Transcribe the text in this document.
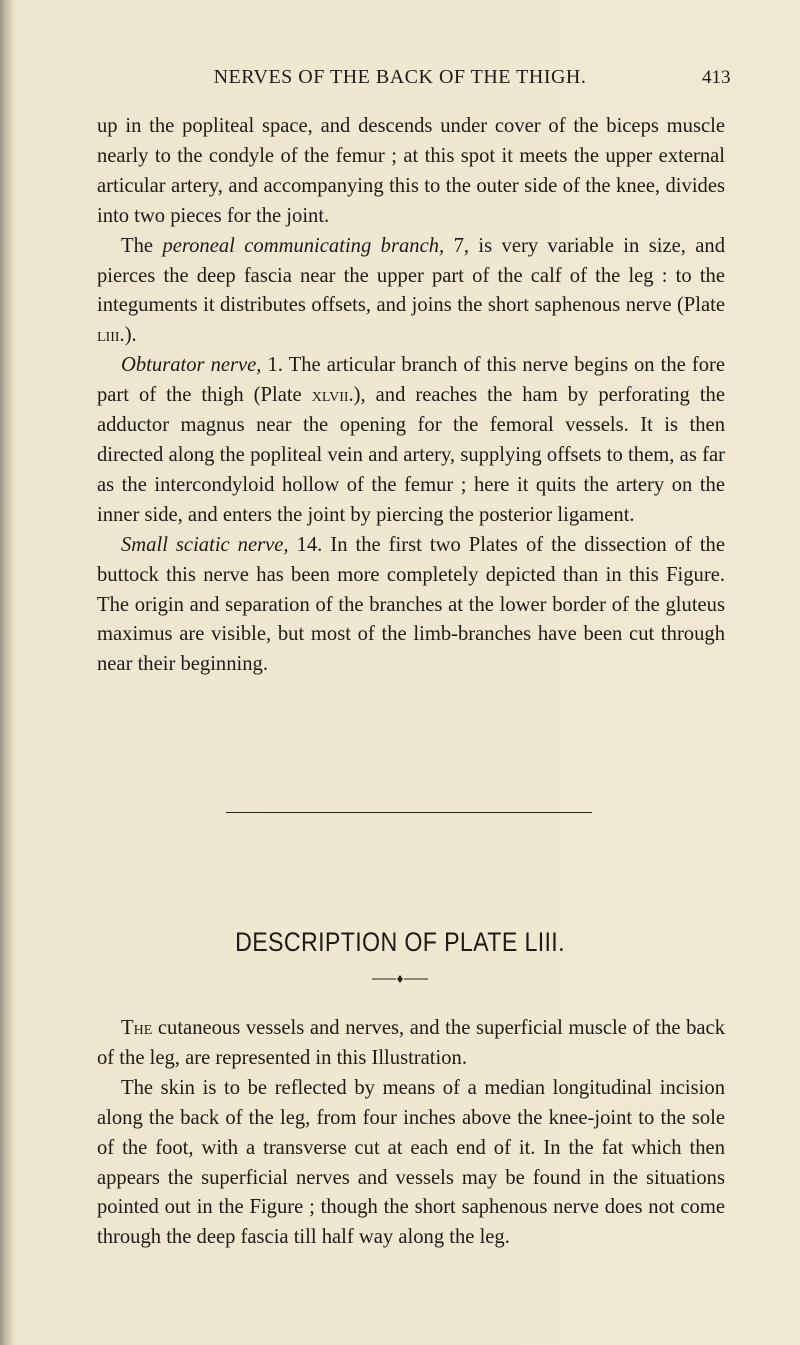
NERVES OF THE BACK OF THE THIGH.	413

up in the popliteal space, and descends under cover of the biceps muscle nearly to the condyle of the femur ; at this spot it meets the upper external articular artery, and accompanying this to the outer side of the knee, divides into two pieces for the joint.

The peroneal communicating branch, 7, is very variable in size, and pierces the deep fascia near the upper part of the calf of the leg : to the integuments it distributes offsets, and joins the short saphenous nerve (Plate liii.).

Obturator nerve, 1. The articular branch of this nerve begins on the fore part of the thigh (Plate xlvii.), and reaches the ham by perforating the adductor magnus near the opening for the femoral vessels. It is then directed along the popliteal vein and artery, supplying offsets to them, as far as the intercondyloid hollow of the femur ; here it quits the artery on the inner side, and enters the joint by piercing the posterior ligament.

Small sciatic nerve, 14. In the first two Plates of the dissection of the buttock this nerve has been more completely depicted than in this Figure. The origin and separation of the branches at the lower border of the gluteus maximus are visible, but most of the limb-branches have been cut through near their beginning.

DESCRIPTION OF PLATE LIII.

The cutaneous vessels and nerves, and the superficial muscle of the back of the leg, are represented in this Illustration.

The skin is to be reflected by means of a median longitudinal incision along the back of the leg, from four inches above the knee-joint to the sole of the foot, with a transverse cut at each end of it. In the fat which then appears the superficial nerves and vessels may be found in the situations pointed out in the Figure ; though the short saphenous nerve does not come through the deep fascia till half way along the leg.
